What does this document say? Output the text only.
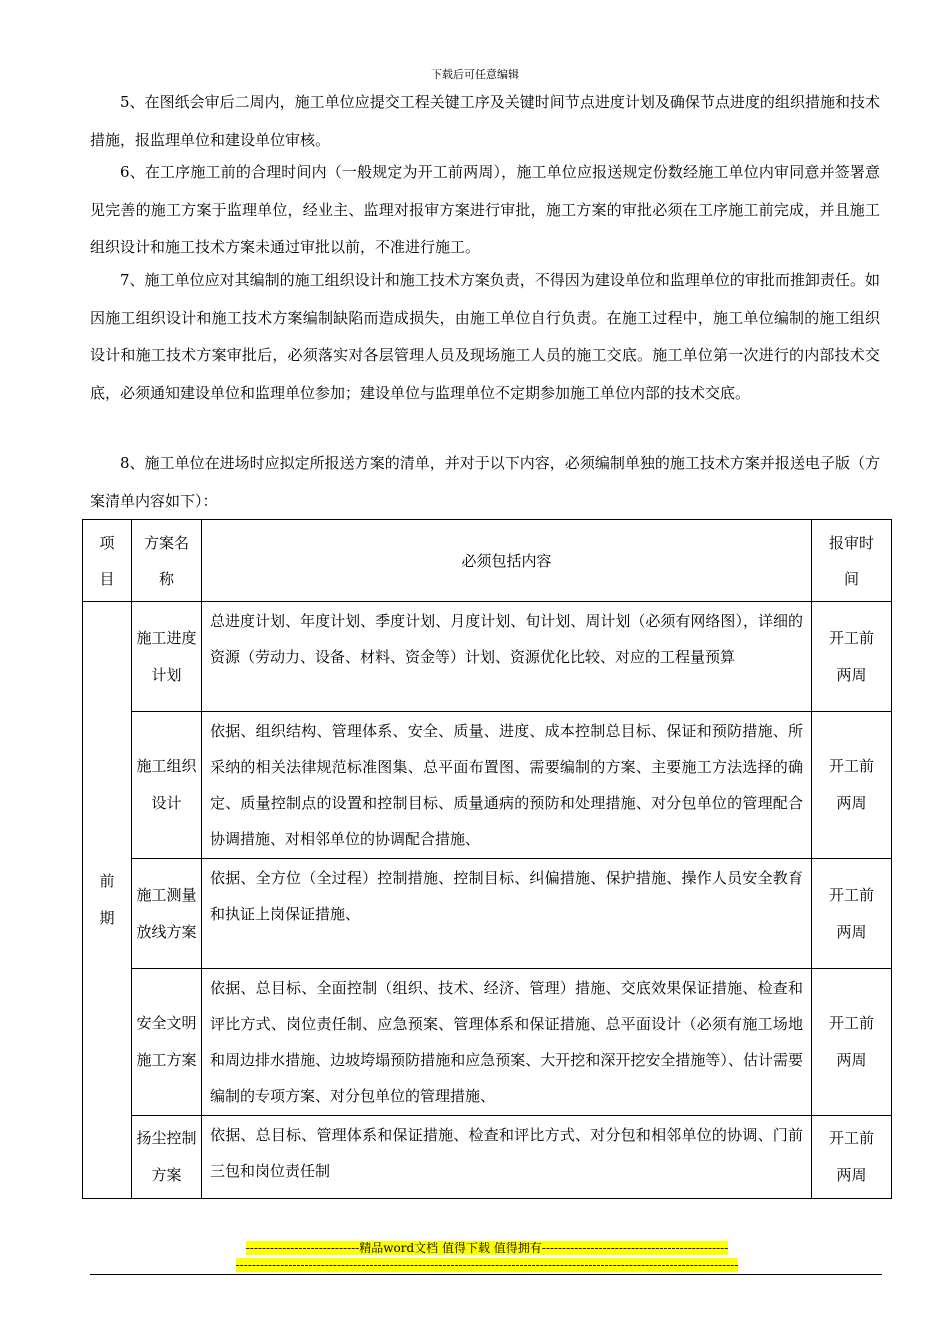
下载后可任意编辑

5、在图纸会审后二周内，施工单位应提交工程关键工序及关键时间节点进度计划及确保节点进度的组织措施和技术措施，报监理单位和建设单位审核。

6、在工序施工前的合理时间内（一般规定为开工前两周），施工单位应报送规定份数经施工单位内审同意并签署意见完善的施工方案于监理单位，经业主、监理对报审方案进行审批，施工方案的审批必须在工序施工前完成，并且施工组织设计和施工技术方案未通过审批以前，不准进行施工。

7、施工单位应对其编制的施工组织设计和施工技术方案负责，不得因为建设单位和监理单位的审批而推卸责任。如因施工组织设计和施工技术方案编制缺陷而造成损失，由施工单位自行负责。在施工过程中，施工单位编制的施工组织设计和施工技术方案审批后，必须落实对各层管理人员及现场施工人员的施工交底。施工单位第一次进行的内部技术交底，必须通知建设单位和监理单位参加；建设单位与监理单位不定期参加施工单位内部的技术交底。

8、施工单位在进场时应拟定所报送方案的清单，并对于以下内容，必须编制单独的施工技术方案并报送电子版（方案清单内容如下）：

项目	方案名称	必须包括内容	报审时间
前期	施工进度计划	总进度计划、年度计划、季度计划、月度计划、旬计划、周计划（必须有网络图），详细的资源（劳动力、设备、材料、资金等）计划、资源优化比较、对应的工程量预算	开工前两周
	施工组织设计	依据、组织结构、管理体系、安全、质量、进度、成本控制总目标、保证和预防措施、所采纳的相关法律规范标准图集、总平面布置图、需要编制的方案、主要施工方法选择的确定、质量控制点的设置和控制目标、质量通病的预防和处理措施、对分包单位的管理配合协调措施、对相邻单位的协调配合措施、	开工前两周
	施工测量放线方案	依据、全方位（全过程）控制措施、控制目标、纠偏措施、保护措施、操作人员安全教育和执证上岗保证措施、	开工前两周
	安全文明施工方案	依据、总目标、全面控制（组织、技术、经济、管理）措施、交底效果保证措施、检查和评比方式、岗位责任制、应急预案、管理体系和保证措施、总平面设计（必须有施工场地和周边排水措施、边坡垮塌预防措施和应急预案、大开挖和深开挖安全措施等）、估计需要编制的专项方案、对分包单位的管理措施、	开工前两周
	扬尘控制方案	依据、总目标、管理体系和保证措施、检查和评比方式、对分包和相邻单位的协调、门前三包和岗位责任制	开工前两周
----------------------------精品word文档 值得下载 值得拥有----------------------------------------------
----------------------------------------------------------------------------------------------------------------------------
